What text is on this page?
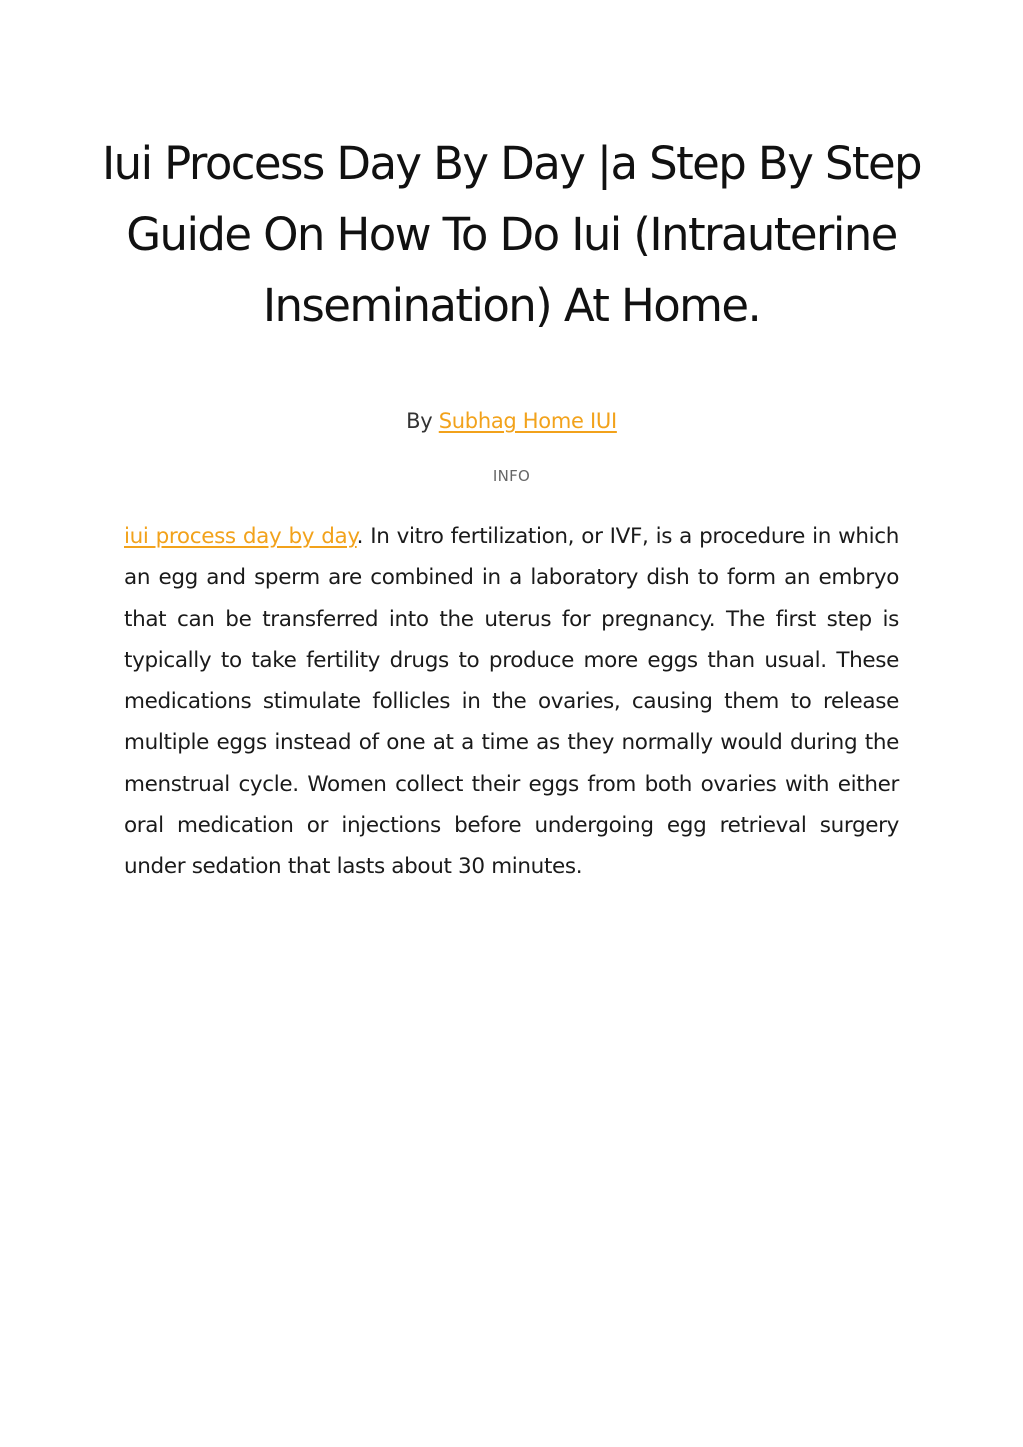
Iui Process Day By Day |a Step By Step Guide On How To Do Iui (Intrauterine Insemination) At Home.
By Subhag Home IUI
INFO

iui process day by day. In vitro fertilization, or IVF, is a procedure in which an egg and sperm are combined in a laboratory dish to form an embryo that can be transferred into the uterus for pregnancy. The first step is typically to take fertility drugs to produce more eggs than usual. These medications stimulate follicles in the ovaries, causing them to release multiple eggs instead of one at a time as they normally would during the menstrual cycle. Women collect their eggs from both ovaries with either oral medication or injections before undergoing egg retrieval surgery under sedation that lasts about 30 minutes.
